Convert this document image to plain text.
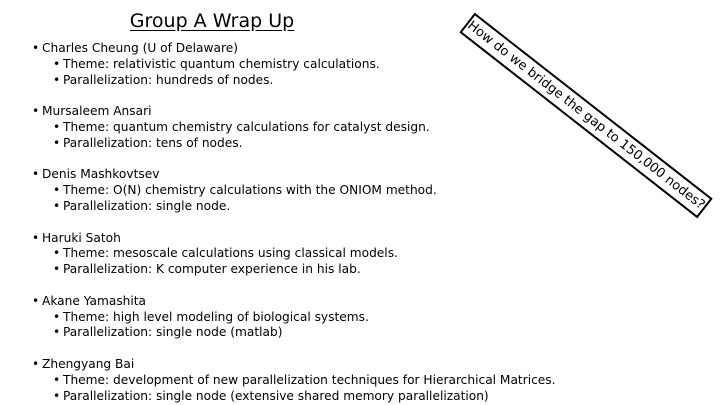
Group A Wrap Up	How do we bridge the gap to 150,000 nodes?
• Charles Cheung (U of Delaware)
• Theme: relativistic quantum chemistry calculations.
• Parallelization: hundreds of nodes.
• Mursaleem Ansari
• Theme: quantum chemistry calculations for catalyst design.
• Parallelization: tens of nodes.
• Denis Mashkovtsev
• Theme: O(N) chemistry calculations with the ONIOM method.
• Parallelization: single node.
• Haruki Satoh
• Theme: mesoscale calculations using classical models.
• Parallelization: K computer experience in his lab.
• Akane Yamashita
• Theme: high level modeling of biological systems.
• Parallelization: single node (matlab)
• Zhengyang Bai
• Theme: development of new parallelization techniques for Hierarchical Matrices.
• Parallelization: single node (extensive shared memory parallelization)
